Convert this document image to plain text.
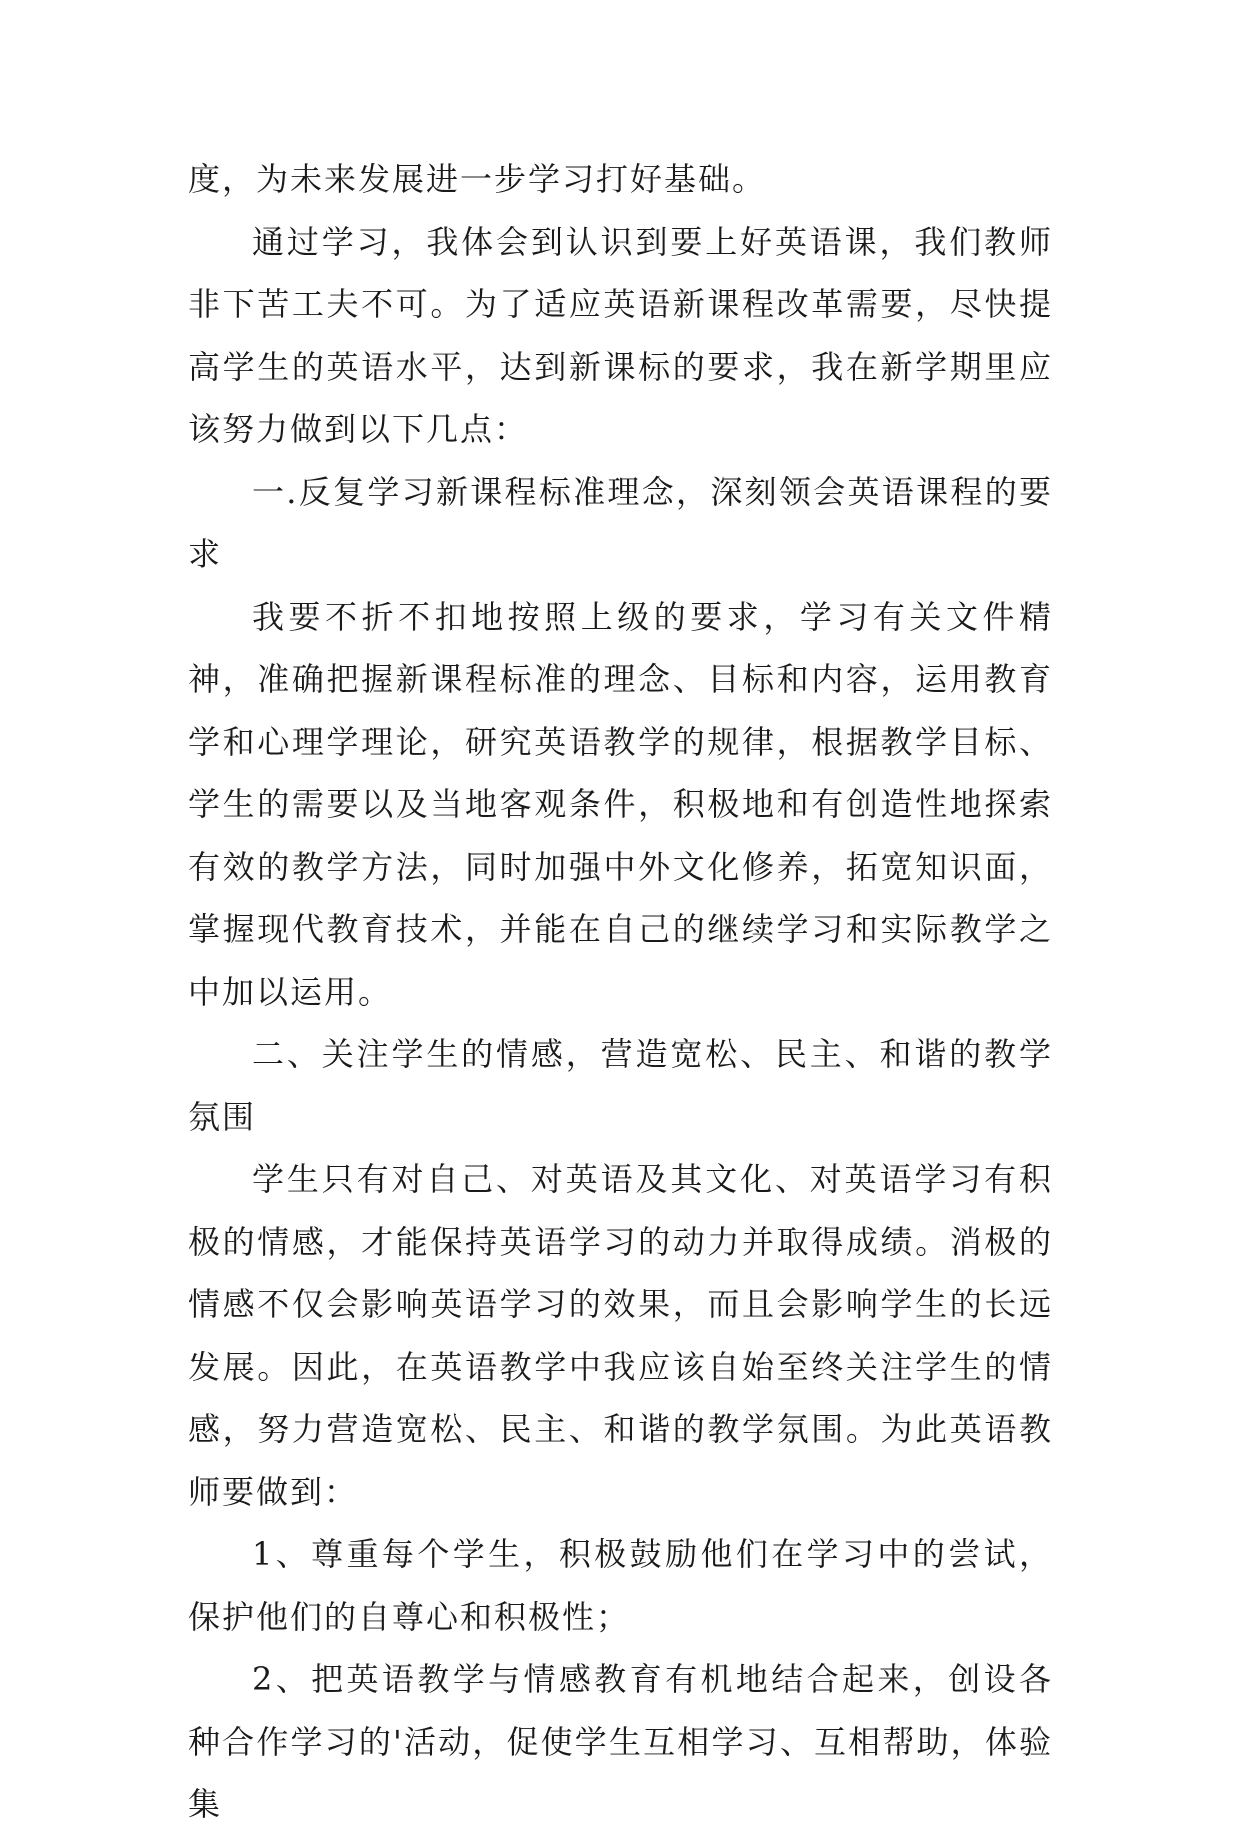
度，为未来发展进一步学习打好基础。

通过学习，我体会到认识到要上好英语课，我们教师非下苦工夫不可。为了适应英语新课程改革需要，尽快提高学生的英语水平，达到新课标的要求，我在新学期里应该努力做到以下几点：

一.反复学习新课程标准理念，深刻领会英语课程的要求

我要不折不扣地按照上级的要求，学习有关文件精神，准确把握新课程标准的理念、目标和内容，运用教育学和心理学理论，研究英语教学的规律，根据教学目标、学生的需要以及当地客观条件，积极地和有创造性地探索有效的教学方法，同时加强中外文化修养，拓宽知识面，掌握现代教育技术，并能在自己的继续学习和实际教学之中加以运用。

二、关注学生的情感，营造宽松、民主、和谐的教学氛围

学生只有对自己、对英语及其文化、对英语学习有积极的情感，才能保持英语学习的动力并取得成绩。消极的情感不仅会影响英语学习的效果，而且会影响学生的长远发展。因此，在英语教学中我应该自始至终关注学生的情感，努力营造宽松、民主、和谐的教学氛围。为此英语教师要做到：

1、尊重每个学生，积极鼓励他们在学习中的尝试，保护他们的自尊心和积极性；

2、把英语教学与情感教育有机地结合起来，创设各种合作学习的'活动，促使学生互相学习、互相帮助，体验集
